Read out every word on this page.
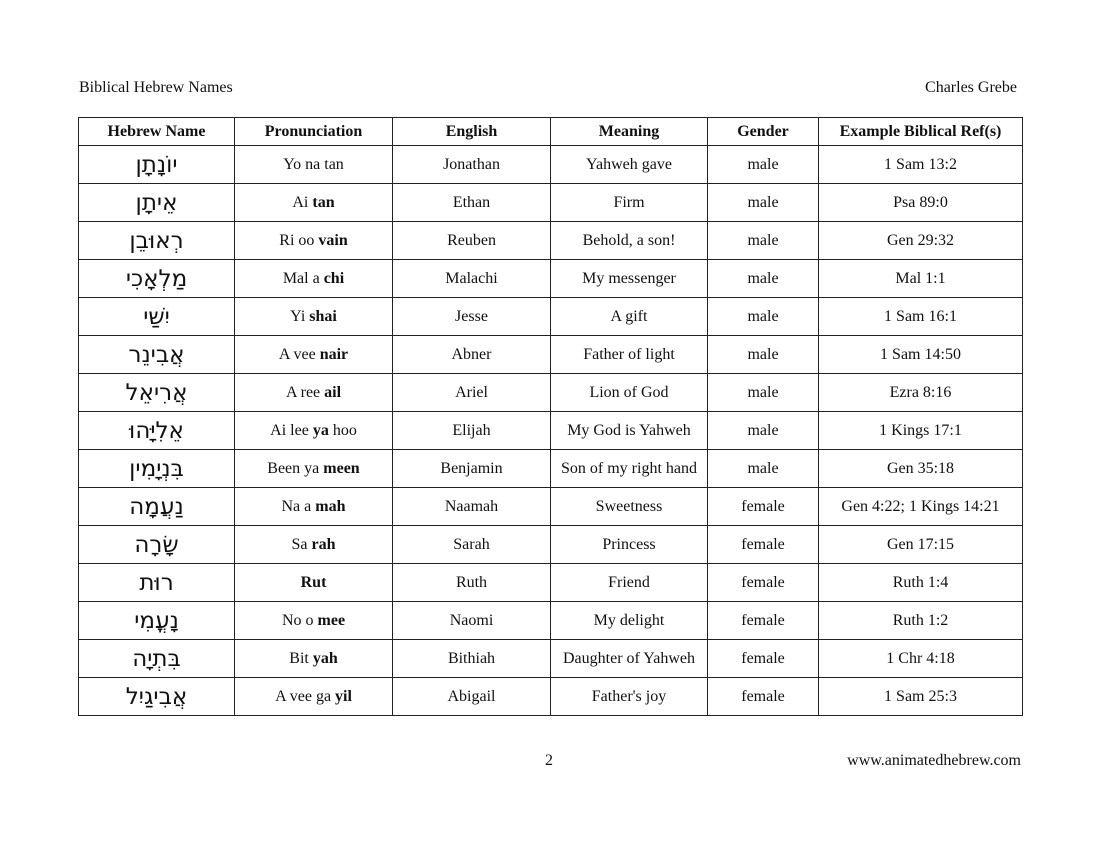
Biblical Hebrew Names	Charles Grebe
Hebrew Name	Pronunciation	English	Meaning	Gender	Example Biblical Ref(s)
יוֹנָתָן	Yo na tan	Jonathan	Yahweh gave	male	1 Sam 13:2
אֵיתָן	Ai tan	Ethan	Firm	male	Psa 89:0
רְאוּבֵן	Ri oo vain	Reuben	Behold, a son!	male	Gen 29:32
מַלְאָכִי	Mal a chi	Malachi	My messenger	male	Mal 1:1
יִשַׁי	Yi shai	Jesse	A gift	male	1 Sam 16:1
אֲבִינֵר	A vee nair	Abner	Father of light	male	1 Sam 14:50
אֲרִיאֵל	A ree ail	Ariel	Lion of God	male	Ezra 8:16
אֵלִיָּהוּ	Ai lee ya hoo	Elijah	My God is Yahweh	male	1 Kings 17:1
בִּנְיָמִין	Been ya meen	Benjamin	Son of my right hand	male	Gen 35:18
נַעֲמָה	Na a mah	Naamah	Sweetness	female	Gen 4:22; 1 Kings 14:21
שָׂרָה	Sa rah	Sarah	Princess	female	Gen 17:15
רוּת	Rut	Ruth	Friend	female	Ruth 1:4
נָעֳמִי	No o mee	Naomi	My delight	female	Ruth 1:2
בִּתְיָה	Bit yah	Bithiah	Daughter of Yahweh	female	1 Chr 4:18
אֲבִיגַיִל	A vee ga yil	Abigail	Father's joy	female	1 Sam 25:3
2	www.animatedhebrew.com
